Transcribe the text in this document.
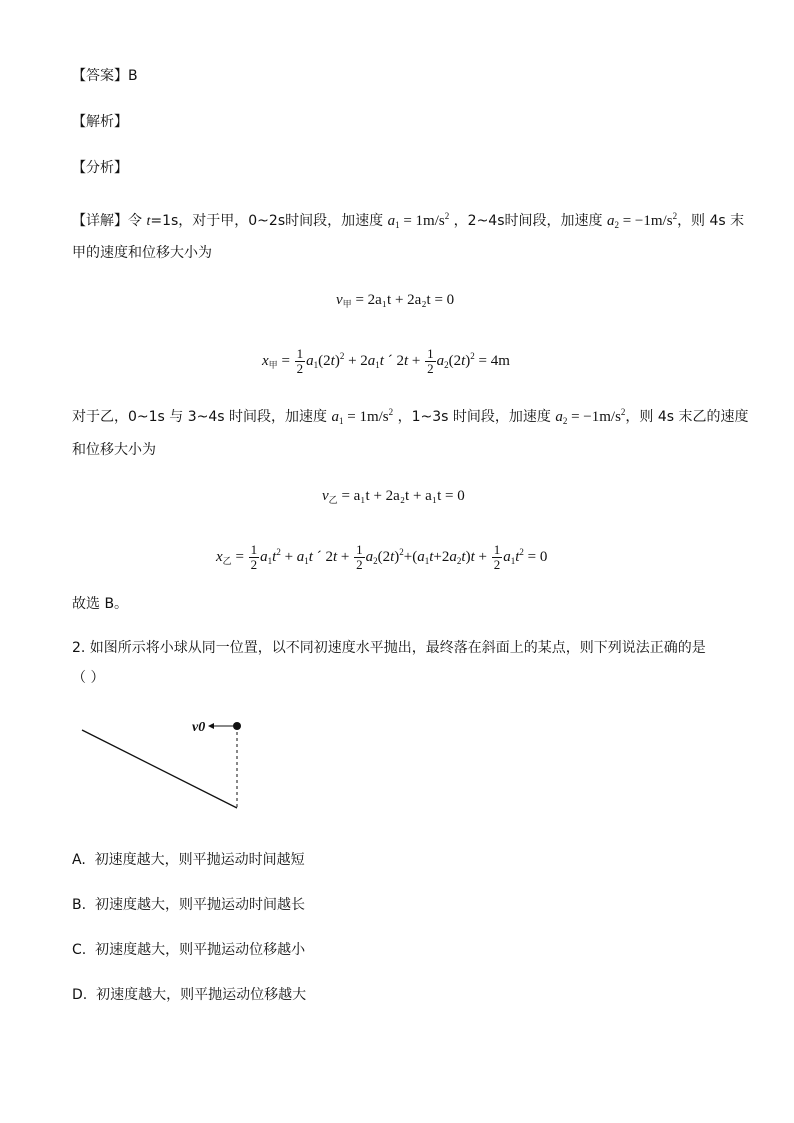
【答案】B
【解析】
【分析】
【详解】令 t=1s，对于甲，0~2s时间段，加速度 $a_1 = 1m/s^2$ ，2~4s时间段，加速度 $a_2 = -1m/s^2$，则 4s 末
甲的速度和位移大小为
$v_甲 = 2a_1t + 2a_2t = 0$
$x_甲 = \frac{1}{2} a_1(2t)^2 + 2a_1t$ ´ $2t + \frac{1}{2} a_2(2t)^2 = 4m$
对于乙，0~1s 与 3~4s 时间段，加速度 $a_1 = 1m/s^2$ ，1~3s 时间段，加速度 $a_2 = -1m/s^2$，则 4s 末乙的速度
和位移大小为
$v_乙 = a_1t + 2a_2t + a_1t = 0$
$x_乙 = \frac{1}{2} a_1t^2 + a_1t$ ´ $2t + \frac{1}{2} a_2(2t)^2+(a_1t+2a_2t)t + \frac{1}{2} a_1t^2 = 0$
故选 B。
2. 如图所示将小球从同一位置，以不同初速度水平抛出，最终落在斜面上的某点，则下列说法正确的是
（ ）
v0
A. 初速度越大，则平抛运动时间越短
B. 初速度越大，则平抛运动时间越长
C. 初速度越大，则平抛运动位移越小
D. 初速度越大，则平抛运动位移越大
